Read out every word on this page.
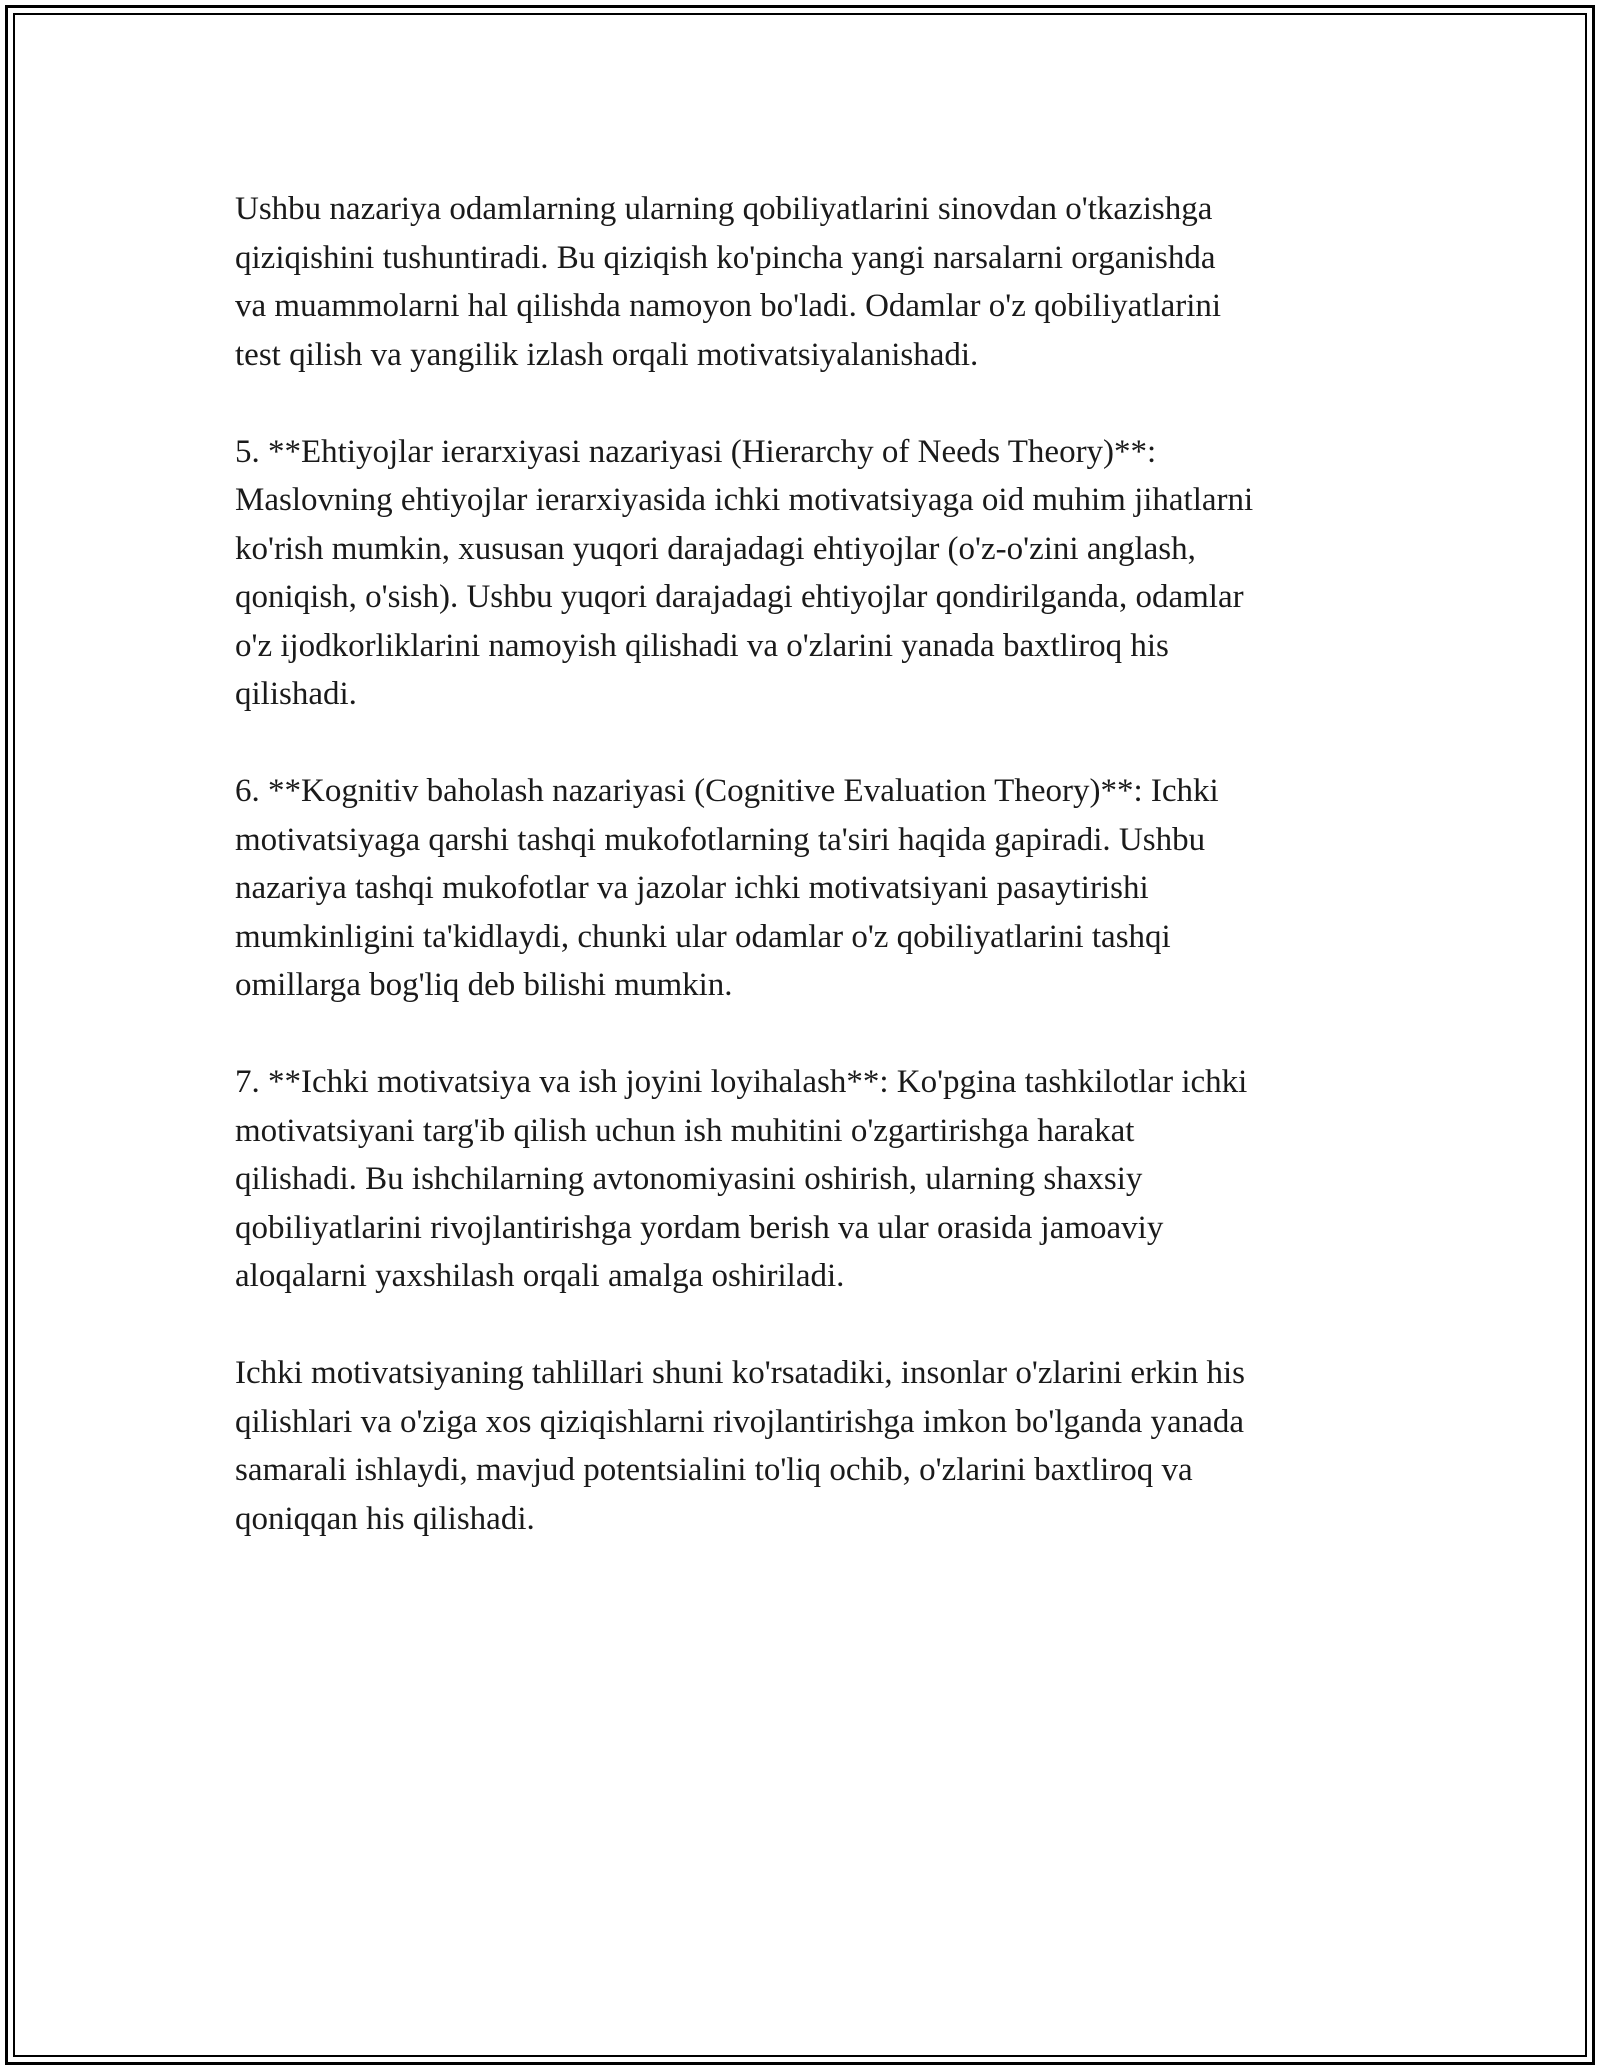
Ushbu nazariya odamlarning ularning qobiliyatlarini sinovdan o'tkazishga
qiziqishini tushuntiradi. Bu qiziqish ko'pincha yangi narsalarni organishda
va muammolarni hal qilishda namoyon bo'ladi. Odamlar o'z qobiliyatlarini
test qilish va yangilik izlash orqali motivatsiyalanishadi.

5. **Ehtiyojlar ierarxiyasi nazariyasi (Hierarchy of Needs Theory)**:
Maslovning ehtiyojlar ierarxiyasida ichki motivatsiyaga oid muhim jihatlarni
ko'rish mumkin, xususan yuqori darajadagi ehtiyojlar (o'z-o'zini anglash,
qoniqish, o'sish). Ushbu yuqori darajadagi ehtiyojlar qondirilganda, odamlar
o'z ijodkorliklarini namoyish qilishadi va o'zlarini yanada baxtliroq his
qilishadi.

6. **Kognitiv baholash nazariyasi (Cognitive Evaluation Theory)**: Ichki
motivatsiyaga qarshi tashqi mukofotlarning ta'siri haqida gapiradi. Ushbu
nazariya tashqi mukofotlar va jazolar ichki motivatsiyani pasaytirishi
mumkinligini ta'kidlaydi, chunki ular odamlar o'z qobiliyatlarini tashqi
omillarga bog'liq deb bilishi mumkin.

7. **Ichki motivatsiya va ish joyini loyihalash**: Ko'pgina tashkilotlar ichki
motivatsiyani targ'ib qilish uchun ish muhitini o'zgartirishga harakat
qilishadi. Bu ishchilarning avtonomiyasini oshirish, ularning shaxsiy
qobiliyatlarini rivojlantirishga yordam berish va ular orasida jamoaviy
aloqalarni yaxshilash orqali amalga oshiriladi.

Ichki motivatsiyaning tahlillari shuni ko'rsatadiki, insonlar o'zlarini erkin his
qilishlari va o'ziga xos qiziqishlarni rivojlantirishga imkon bo'lganda yanada
samarali ishlaydi, mavjud potentsialini to'liq ochib, o'zlarini baxtliroq va
qoniqqan his qilishadi.
